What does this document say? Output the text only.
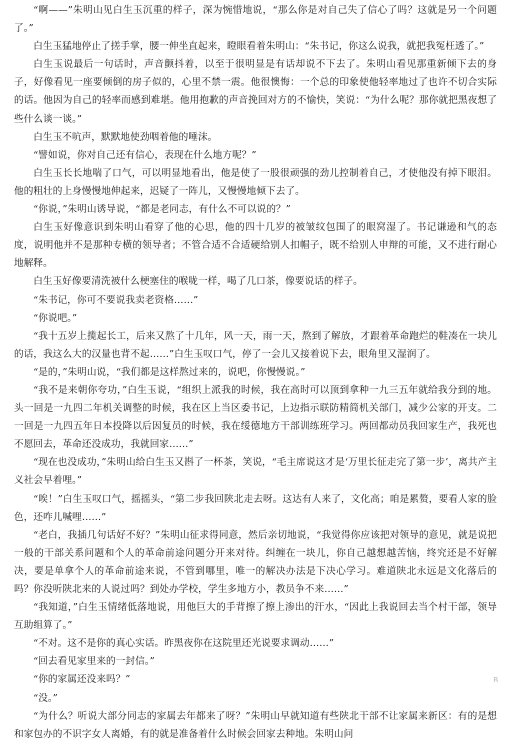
“啊——”朱明山见白生玉沉重的样子，深为惋惜地说，“那么你是对自己失了信心了吗？这就是另一个问题了。”

白生玉猛地停止了搓手掌，腰一伸坐直起来，瞪眼看着朱明山：“朱书记，你这么说我，就把我冤枉透了。”

白生玉说最后一句话时，声音颤抖着，以至于很明显是有话却说不下去了。朱明山看见那重新倾下去的身子，好像看见一座要倾倒的房子似的，心里不禁一震。他很懊悔：一个总的印象使他轻率地过了也许不切合实际的话。他因为自己的轻率而感到难堪。他用抱歉的声音挽回对方的不愉快，笑说：“为什么呢？那你就把黑夜想了些什么谈一谈。”

白生玉不吭声，默默地使劲咽着他的唾沫。

“譬如说，你对自己还有信心，表现在什么地方呢？”

白生玉长长地喘了口气，可以明显地看出，他是使了一股很顽强的劲儿控制着自己，才使他没有掉下眼泪。他的粗壮的上身慢慢地伸起来，迟疑了一阵儿，又慢慢地倾下去了。

“你说，”朱明山诱导说，“都是老同志，有什么不可以说的？”

白生玉好像意识到朱明山看穿了他的心思，他的四十几岁的被皱纹包围了的眼窝湿了。书记谦逊和气的态度，说明他并不是那种专横的领导者；不管合适不合适硬给别人扣帽子，既不给别人申辩的可能，又不进行耐心地解释。

白生玉好像要清洗被什么梗塞住的喉咙一样，喝了几口茶，像要说话的样子。

“朱书记，你可不要说我卖老资格……”

“你说吧。”

“我十五岁上揽起长工，后来又熬了十几年，风一天，雨一天，熬到了解放，才跟着革命跑烂的鞋凑在一块儿的话，我这么大的汉量也背不起……”白生玉叹口气，停了一会儿又接着说下去，眼角里又湿润了。

“是的，”朱明山说，“我们都是这样熬过来的，说吧，你慢慢说。”

“我不是来朝你夸功，”白生玉说，“组织上派我的时候，我在高时可以顶到拿种一九三五年就给我分到的地。头一回是一九四二年机关调整的时候，我在区上当区委书记，上边指示联防精简机关部门，减少公家的开支。二一回是一九四五年日本投降以后因复员的时候，我在绥德地方干部训练班学习。两回都动员我回家生产，我死也不愿回去，革命还没成功，我就回家……”

“现在也没成功，”朱明山给白生玉又斟了一杯茶，笑说，“毛主席说这才是‘万里长征走完了第一步’，离共产主义社会早着哩。”

“唉！”白生玉叹口气，摇摇头，“第二步我回陕北走去呀。这达有人来了，文化高；咱是累赘，要看人家的脸色，还咋儿喊哩……”

“老白，我插几句话好不好？”朱明山征求得同意，然后亲切地说，“我觉得你应该把对领导的意见，就是说把一般的干部关系问题和个人的革命前途问题分开来对待。纠缠在一块儿，你自己越想越苦恼，终究还是不好解决，要是单拿个人的革命前途来说，不管到哪里，唯一的解决办法是下决心学习。难道陕北永远是文化落后的吗？你没听陕北来的人说过吗？到处办学校，学生多地方小，教员争不来……”

“我知道，”白生玉情绪低落地说，用他巨大的手背擦了擦上渗出的汗水，“因此上我说回去当个村干部，领导互助组算了。”

“不对。这不是你的真心实话。昨黑夜你在这院里还光说要求调动……”

“回去看见家里来的一封信。”

“你的家属还没来吗？”

“没。”

“为什么？听说大部分同志的家属去年都来了呀？”朱明山早就知道有些陕北干部不让家属来新区：有的是想和家包办的不识字女人离婚，有的就是准备着什么时候会回家去种地。朱明山问

ʀ
